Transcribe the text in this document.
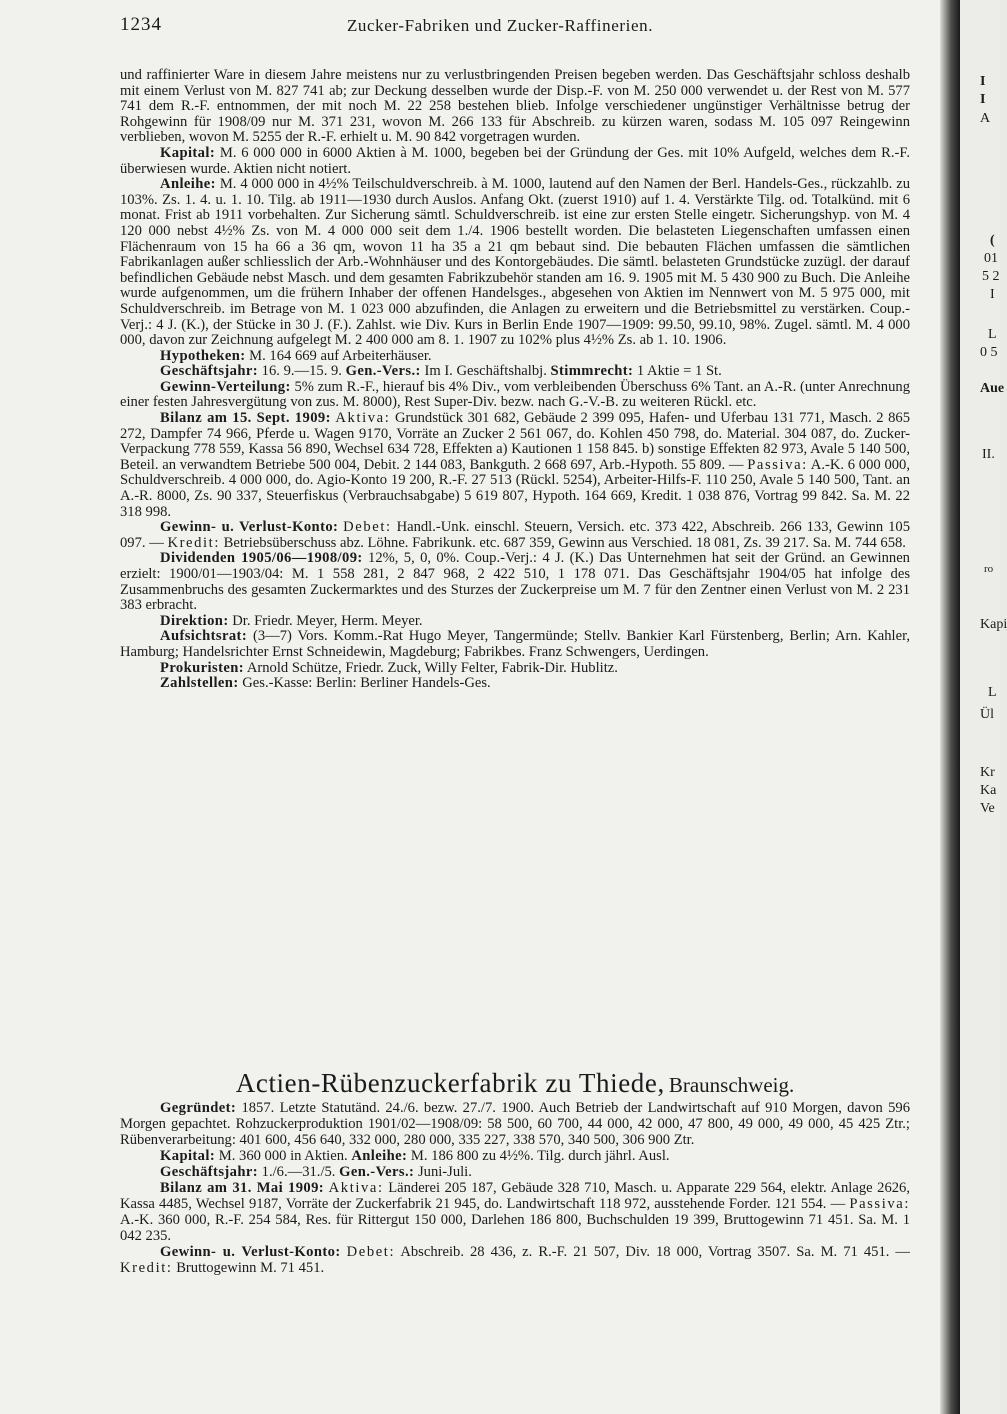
1234	Zucker-Fabriken und Zucker-Raffinerien.

und raffinierter Ware in diesem Jahre meistens nur zu verlustbringenden Preisen begeben werden. Das Geschäftsjahr schloss deshalb mit einem Verlust von M. 827 741 ab; zur Deckung desselben wurde der Disp.-F. von M. 250 000 verwendet u. der Rest von M. 577 741 dem R.-F. entnommen, der mit noch M. 22 258 bestehen blieb. Infolge verschiedener ungünstiger Verhältnisse betrug der Rohgewinn für 1908/09 nur M. 371 231, wovon M. 266 133 für Abschreib. zu kürzen waren, sodass M. 105 097 Reingewinn verblieben, wovon M. 5255 der R.-F. erhielt u. M. 90 842 vorgetragen wurden.

Kapital: M. 6 000 000 in 6000 Aktien à M. 1000, begeben bei der Gründung der Ges. mit 10% Aufgeld, welches dem R.-F. überwiesen wurde. Aktien nicht notiert.

Anleihe: M. 4 000 000 in 4½% Teilschuldverschreib. à M. 1000, lautend auf den Namen der Berl. Handels-Ges., rückzahlb. zu 103%. Zs. 1. 4. u. 1. 10. Tilg. ab 1911—1930 durch Auslos. Anfang Okt. (zuerst 1910) auf 1. 4. Verstärkte Tilg. od. Totalkünd. mit 6 monat. Frist ab 1911 vorbehalten. Zur Sicherung sämtl. Schuldverschreib. ist eine zur ersten Stelle eingetr. Sicherungshyp. von M. 4 120 000 nebst 4½% Zs. von M. 4 000 000 seit dem 1./4. 1906 bestellt worden. Die belasteten Liegenschaften umfassen einen Flächenraum von 15 ha 66 a 36 qm, wovon 11 ha 35 a 21 qm bebaut sind. Die bebauten Flächen umfassen die sämtlichen Fabrikanlagen außer schliesslich der Arb.-Wohnhäuser und des Kontorgebäudes. Die sämtl. belasteten Grundstücke zuzügl. der darauf befindlichen Gebäude nebst Masch. und dem gesamten Fabrikzubehör standen am 16. 9. 1905 mit M. 5 430 900 zu Buch. Die Anleihe wurde aufgenommen, um die frühern Inhaber der offenen Handelsges., abgesehen von Aktien im Nennwert von M. 5 975 000, mit Schuldverschreib. im Betrage von M. 1 023 000 abzufinden, die Anlagen zu erweitern und die Betriebsmittel zu verstärken. Coup.-Verj.: 4 J. (K.), der Stücke in 30 J. (F.). Zahlst. wie Div. Kurs in Berlin Ende 1907—1909: 99.50, 99.10, 98%. Zugel. sämtl. M. 4 000 000, davon zur Zeichnung aufgelegt M. 2 400 000 am 8. 1. 1907 zu 102% plus 4½% Zs. ab 1. 10. 1906.

Hypotheken: M. 164 669 auf Arbeiterhäuser.

Geschäftsjahr: 16. 9.—15. 9. Gen.-Vers.: Im I. Geschäftshalbj. Stimmrecht: 1 Aktie = 1 St.

Gewinn-Verteilung: 5% zum R.-F., hierauf bis 4% Div., vom verbleibenden Überschuss 6% Tant. an A.-R. (unter Anrechnung einer festen Jahresvergütung von zus. M. 8000), Rest Super-Div. bezw. nach G.-V.-B. zu weiteren Rückl. etc.

Bilanz am 15. Sept. 1909: Aktiva: Grundstück 301 682, Gebäude 2 399 095, Hafen- und Uferbau 131 771, Masch. 2 865 272, Dampfer 74 966, Pferde u. Wagen 9170, Vorräte an Zucker 2 561 067, do. Kohlen 450 798, do. Material. 304 087, do. Zucker-Verpackung 778 559, Kassa 56 890, Wechsel 634 728, Effekten a) Kautionen 1 158 845. b) sonstige Effekten 82 973, Avale 5 140 500, Beteil. an verwandtem Betriebe 500 004, Debit. 2 144 083, Bankguth. 2 668 697, Arb.-Hypoth. 55 809. — Passiva: A.-K. 6 000 000, Schuldverschreib. 4 000 000, do. Agio-Konto 19 200, R.-F. 27 513 (Rückl. 5254), Arbeiter-Hilfs-F. 110 250, Avale 5 140 500, Tant. an A.-R. 8000, Zs. 90 337, Steuerfiskus (Verbrauchsabgabe) 5 619 807, Hypoth. 164 669, Kredit. 1 038 876, Vortrag 99 842. Sa. M. 22 318 998.

Gewinn- u. Verlust-Konto: Debet: Handl.-Unk. einschl. Steuern, Versich. etc. 373 422, Abschreib. 266 133, Gewinn 105 097. — Kredit: Betriebsüberschuss abz. Löhne. Fabrikunk. etc. 687 359, Gewinn aus Verschied. 18 081, Zs. 39 217. Sa. M. 744 658.

Dividenden 1905/06—1908/09: 12%, 5, 0, 0%. Coup.-Verj.: 4 J. (K.) Das Unternehmen hat seit der Gründ. an Gewinnen erzielt: 1900/01—1903/04: M. 1 558 281, 2 847 968, 2 422 510, 1 178 071. Das Geschäftsjahr 1904/05 hat infolge des Zusammenbruchs des gesamten Zuckermarktes und des Sturzes der Zuckerpreise um M. 7 für den Zentner einen Verlust von M. 2 231 383 erbracht.

Direktion: Dr. Friedr. Meyer, Herm. Meyer.

Aufsichtsrat: (3—7) Vors. Komm.-Rat Hugo Meyer, Tangermünde; Stellv. Bankier Karl Fürstenberg, Berlin; Arn. Kahler, Hamburg; Handelsrichter Ernst Schneidewin, Magdeburg; Fabrikbes. Franz Schwengers, Uerdingen.

Prokuristen: Arnold Schütze, Friedr. Zuck, Willy Felter, Fabrik-Dir. Hublitz.

Zahlstellen: Ges.-Kasse: Berlin: Berliner Handels-Ges.

Actien-Rübenzuckerfabrik zu Thiede, Braunschweig.

Gegründet: 1857. Letzte Statutänd. 24./6. bezw. 27./7. 1900. Auch Betrieb der Landwirtschaft auf 910 Morgen, davon 596 Morgen gepachtet. Rohzuckerproduktion 1901/02—1908/09: 58 500, 60 700, 44 000, 42 000, 47 800, 49 000, 49 000, 45 425 Ztr.; Rübenverarbeitung: 401 600, 456 640, 332 000, 280 000, 335 227, 338 570, 340 500, 306 900 Ztr.

Kapital: M. 360 000 in Aktien. Anleihe: M. 186 800 zu 4½%. Tilg. durch jährl. Ausl.

Geschäftsjahr: 1./6.—31./5. Gen.-Vers.: Juni-Juli.

Bilanz am 31. Mai 1909: Aktiva: Länderei 205 187, Gebäude 328 710, Masch. u. Apparate 229 564, elektr. Anlage 2626, Kassa 4485, Wechsel 9187, Vorräte der Zuckerfabrik 21 945, do. Landwirtschaft 118 972, ausstehende Forder. 121 554. — Passiva: A.-K. 360 000, R.-F. 254 584, Res. für Rittergut 150 000, Darlehen 186 800, Buchschulden 19 399, Bruttogewinn 71 451. Sa. M. 1 042 235.

Gewinn- u. Verlust-Konto: Debet: Abschreib. 28 436, z. R.-F. 21 507, Div. 18 000, Vortrag 3507. Sa. M. 71 451. — Kredit: Bruttogewinn M. 71 451.

I
I
A
(
01
5 2
I
L
0 5
Aue
II.
ro
Kapi
L
Ül
Kr
Ka
Ve
